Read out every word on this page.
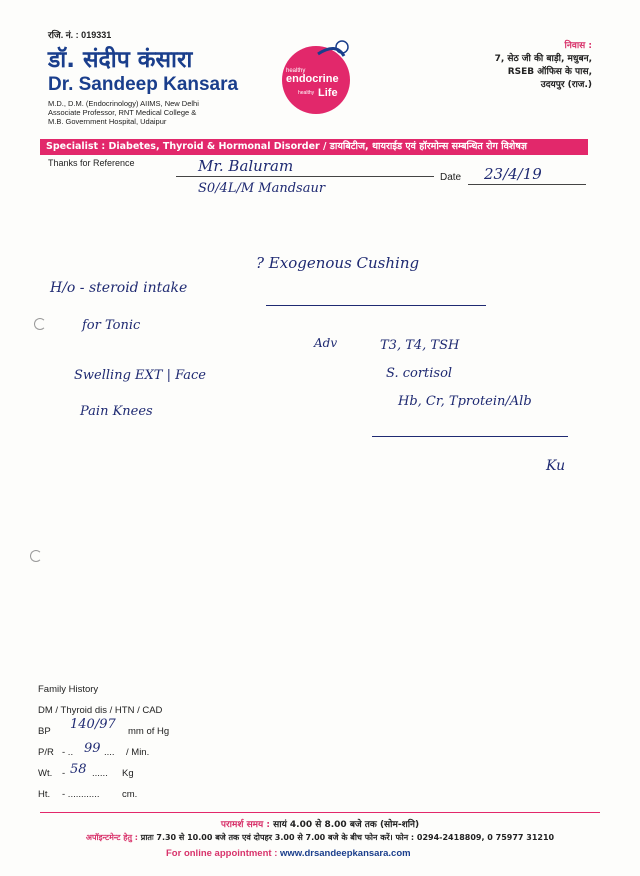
रजि. नं. : 019331
डॉ. संदीप कंसारा
Dr. Sandeep Kansara
M.D., D.M. (Endocrinology) AIIMS, New Delhi
Associate Professor, RNT Medical College &
M.B. Government Hospital, Udaipur
healthy
endocrine
healthy Life
निवास :
7, सेठ जी की बाड़ी, मधुबन,
RSEB ऑफिस के पास,
उदयपुर (राज.)
Specialist : Diabetes, Thyroid & Hormonal Disorder / डायबिटीज, थायराईड एवं हॉरमोन्स सम्बन्धित रोग विशेषज्ञ
Thanks for Reference	Mr. Baluram
S0/4L/M Mandsaur
Date 23/4/19
? Exogenous Cushing
H/o - steroid intake
for Tonic
Swelling EXT | Face
Pain Knees
Adv	T3, T4, TSH
S. cortisol
Hb, Cr, Tprotein/Alb
Ku
Family History
DM / Thyroid dis / HTN / CAD
BP 140/97 mm of Hg
P/R - .. 99 .... / Min.
Wt. - 58 ...... Kg
Ht. - ............ cm.
परामर्श समय : सायं 4.00 से 8.00 बजे तक (सोम-शनि)
अपॉइन्टमेन्ट हेतु : प्रातः 7.30 से 10.00 बजे तक एवं दोपहर 3.00 से 7.00 बजे के बीच फोन करें। फोन : 0294-2418809, 0 75977 31210
For online appointment : www.drsandeepkansara.com
